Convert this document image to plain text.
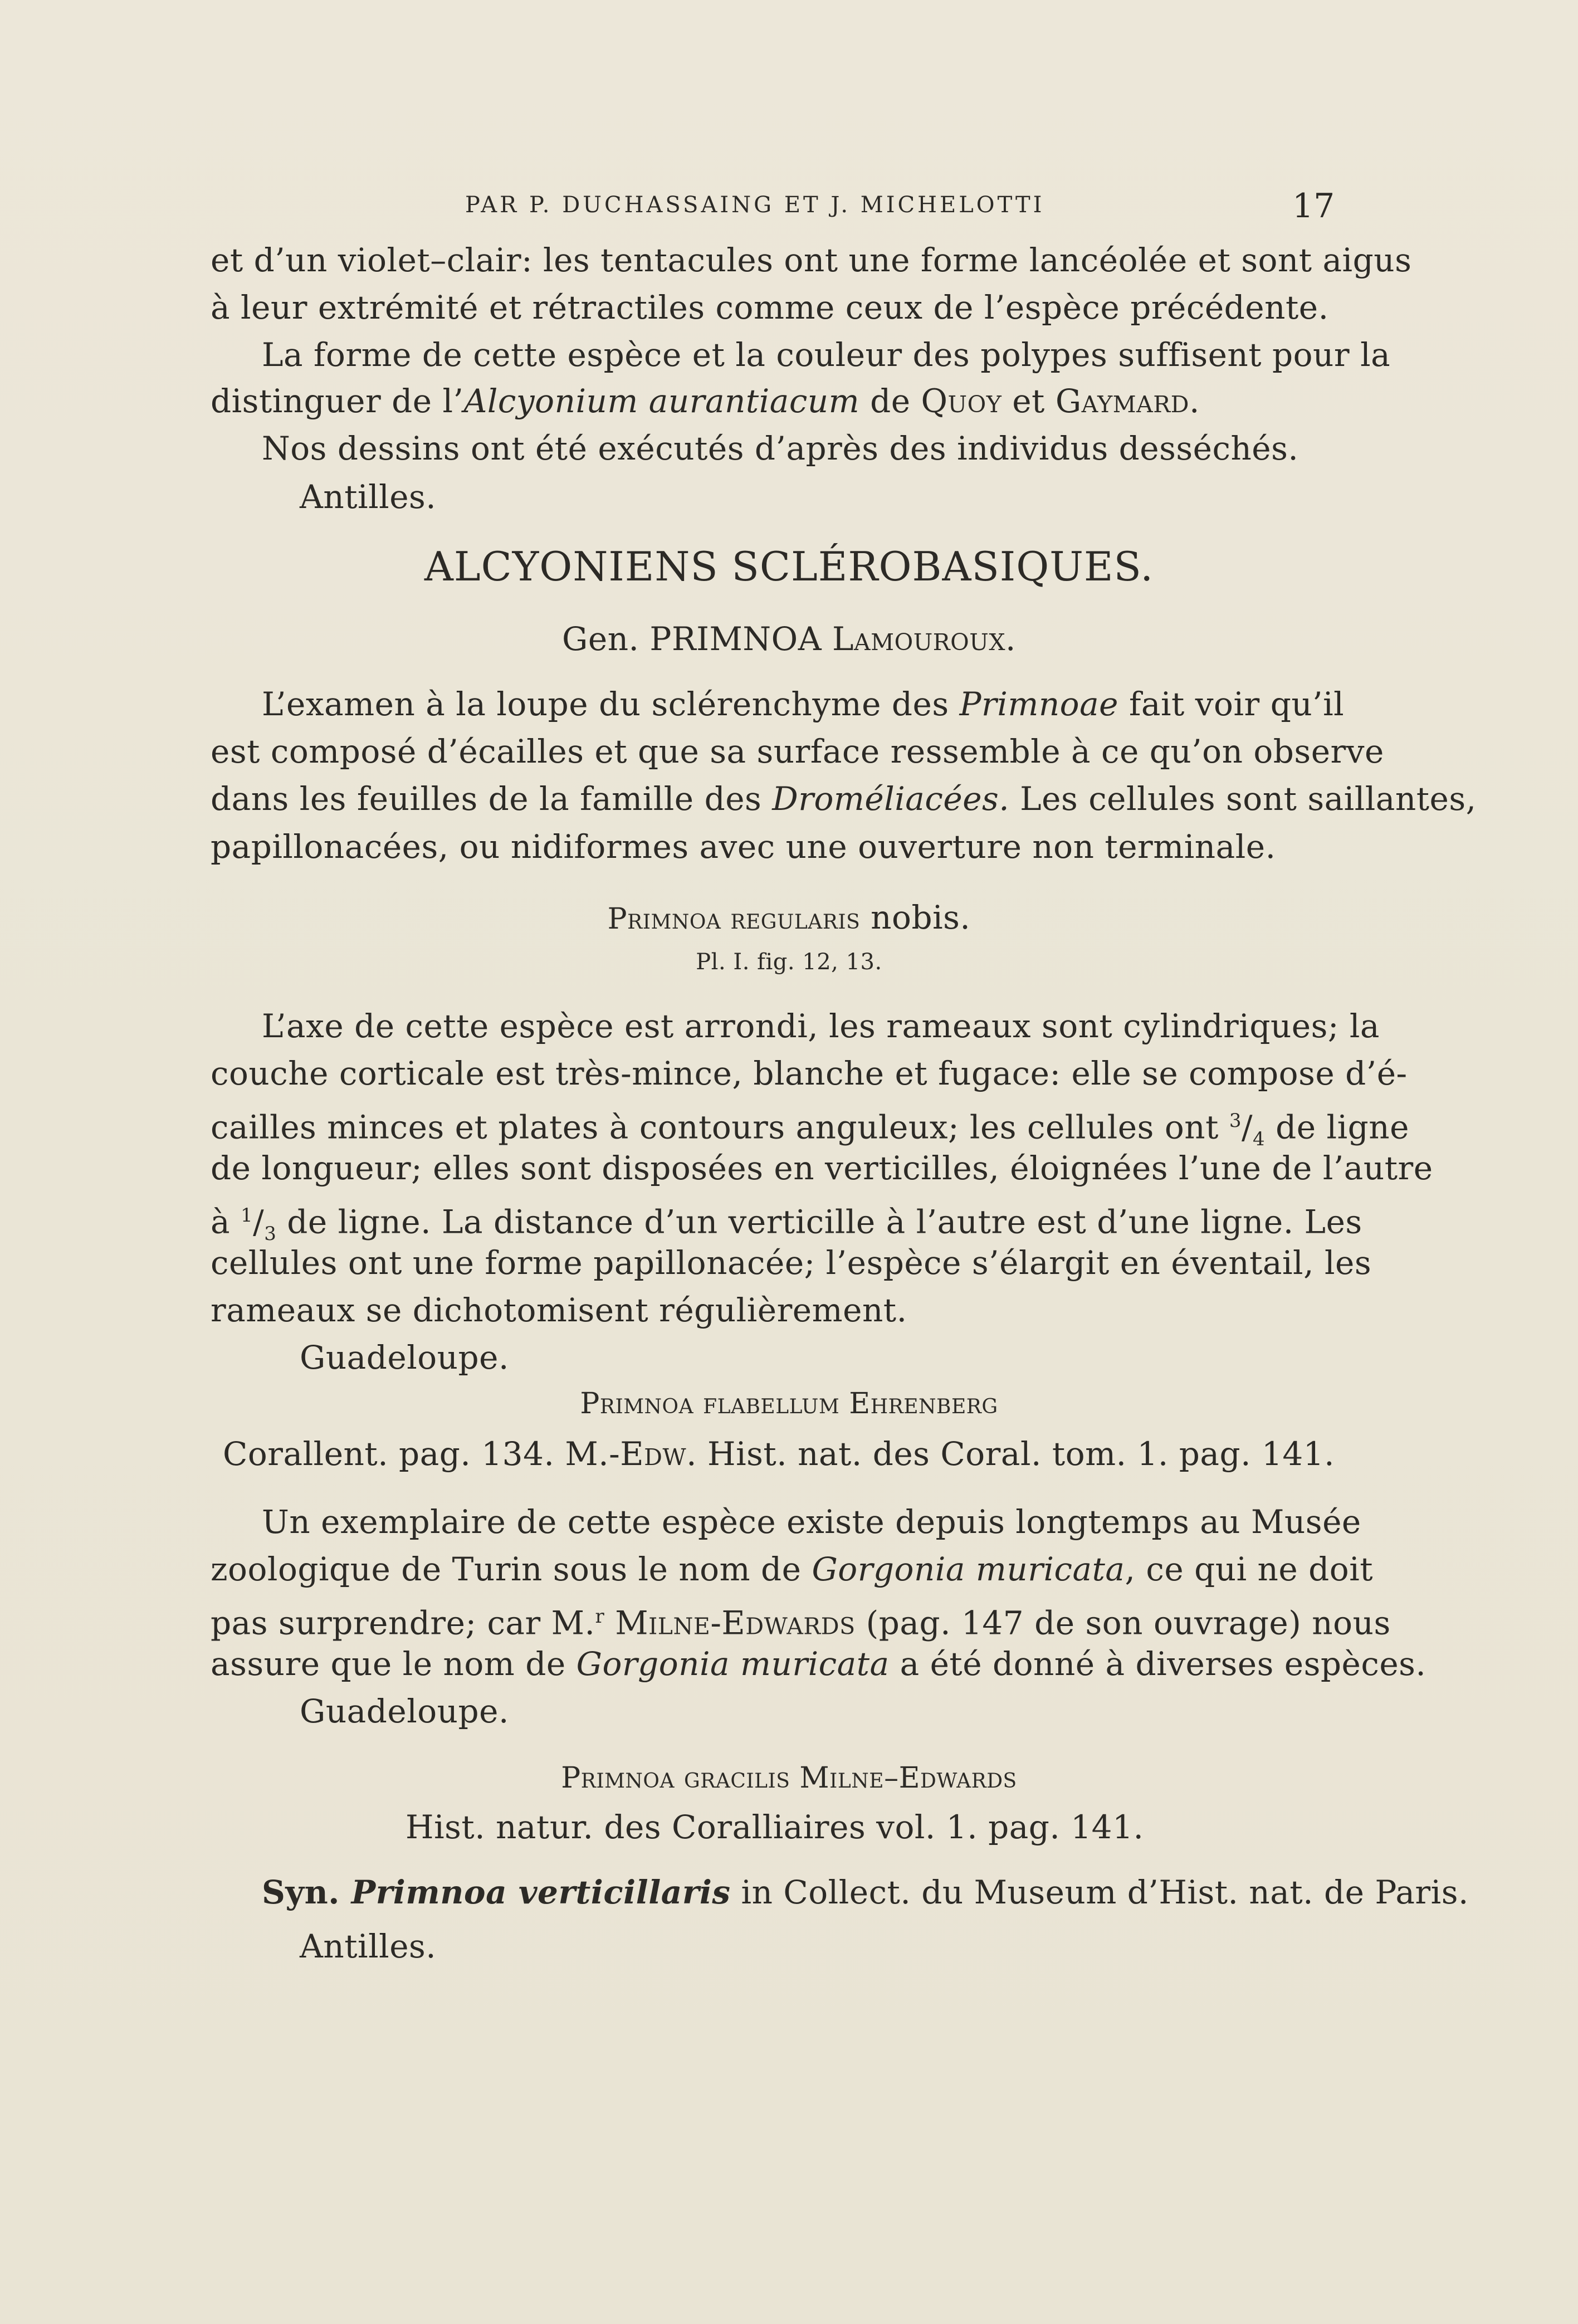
PAR P. DUCHASSAING ET J. MICHELOTTI	17
et d’un violet–clair: les tentacules ont une forme lancéolée et sont aigus
à leur extrémité et rétractiles comme ceux de l’espèce précédente.
La forme de cette espèce et la couleur des polypes suffisent pour la
distinguer de l’Alcyonium aurantiacum de Quoy et Gaymard.
Nos dessins ont été exécutés d’après des individus desséchés.
Antilles.
ALCYONIENS SCLÉROBASIQUES.
Gen. PRIMNOA Lamouroux.
L’examen à la loupe du sclérenchyme des Primnoae fait voir qu’il
est composé d’écailles et que sa surface ressemble à ce qu’on observe
dans les feuilles de la famille des Droméliacées. Les cellules sont saillantes,
papillonacées, ou nidiformes avec une ouverture non terminale.
Primnoa regularis nobis.
Pl. I. fig. 12, 13.
L’axe de cette espèce est arrondi, les rameaux sont cylindriques; la
couche corticale est très-mince, blanche et fugace: elle se compose d’é-
cailles minces et plates à contours anguleux; les cellules ont $^3/_4$ de ligne
de longueur; elles sont disposées en verticilles, éloignées l’une de l’autre
à $^1/_3$ de ligne. La distance d’un verticille à l’autre est d’une ligne. Les
cellules ont une forme papillonacée; l’espèce s’élargit en éventail, les
rameaux se dichotomisent régulièrement.
Guadeloupe.
Primnoa flabellum Ehrenberg
Corallent. pag. 134. M.-Edw. Hist. nat. des Coral. tom. 1. pag. 141.
Un exemplaire de cette espèce existe depuis longtemps au Musée
zoologique de Turin sous le nom de Gorgonia muricata, ce qui ne doit
pas surprendre; car M.$^r$ Milne-Edwards (pag. 147 de son ouvrage) nous
assure que le nom de Gorgonia muricata a été donné à diverses espèces.
Guadeloupe.
Primnoa gracilis Milne–Edwards
Hist. natur. des Coralliaires vol. 1. pag. 141.
Syn. Primnoa verticillaris in Collect. du Museum d’Hist. nat. de Paris.
Antilles.
